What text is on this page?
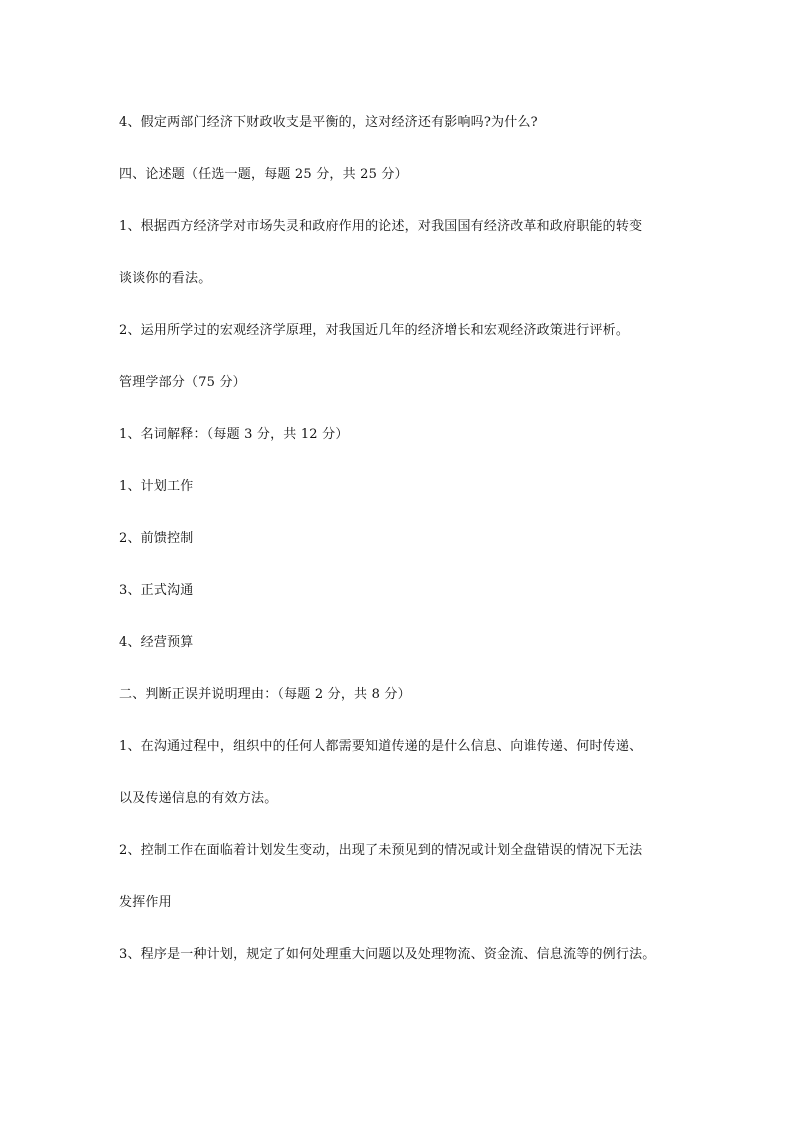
4、假定两部门经济下财政收支是平衡的，这对经济还有影响吗?为什么?
四、论述题（任选一题，每题 25 分，共 25 分）
1、根据西方经济学对市场失灵和政府作用的论述，对我国国有经济改革和政府职能的转变
谈谈你的看法。
2、运用所学过的宏观经济学原理，对我国近几年的经济增长和宏观经济政策进行评析。
管理学部分（75 分）
1、名词解释：（每题 3 分，共 12 分）
1、计划工作
2、前馈控制
3、正式沟通
4、经营预算
二、判断正误并说明理由：（每题 2 分，共 8 分）
1、在沟通过程中，组织中的任何人都需要知道传递的是什么信息、向谁传递、何时传递、
以及传递信息的有效方法。
2、控制工作在面临着计划发生变动，出现了未预见到的情况或计划全盘错误的情况下无法
发挥作用
3、程序是一种计划，规定了如何处理重大问题以及处理物流、资金流、信息流等的例行法。
